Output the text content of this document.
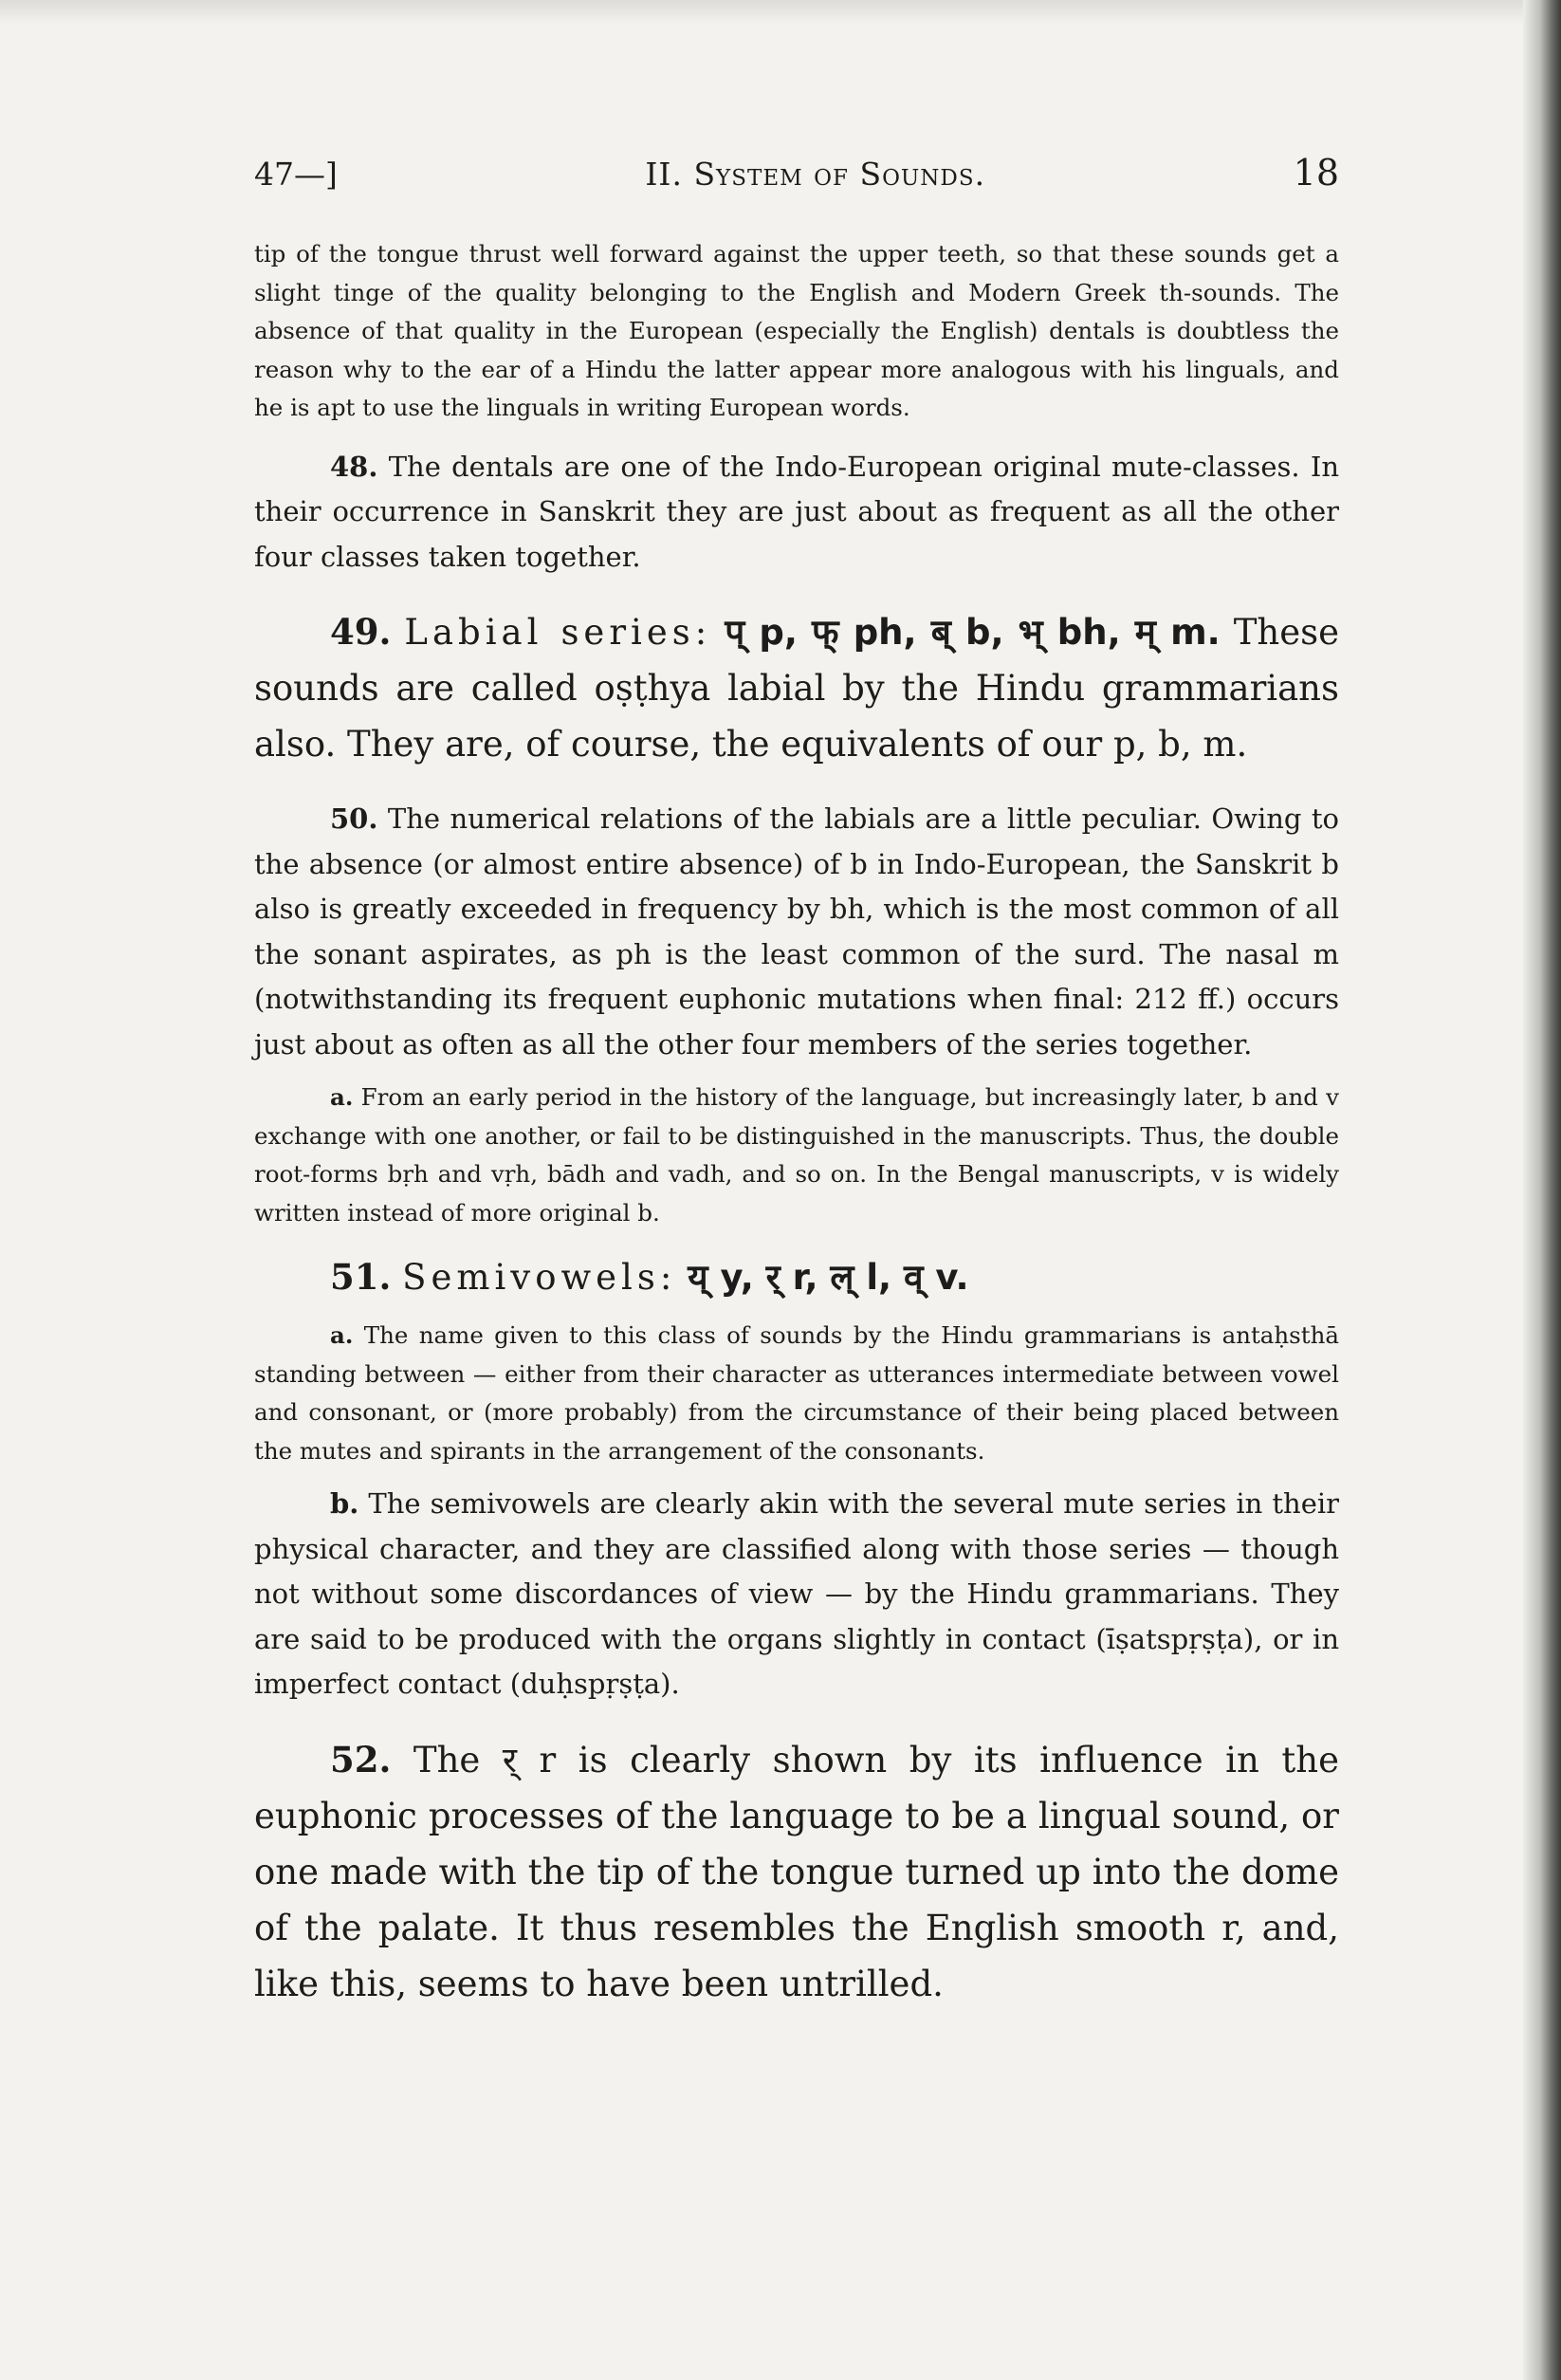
47—]	II. System of Sounds.	18

tip of the tongue thrust well forward against the upper teeth, so that these sounds get a slight tinge of the quality belonging to the English and Modern Greek th-sounds. The absence of that quality in the European (especially the English) dentals is doubtless the reason why to the ear of a Hindu the latter appear more analogous with his linguals, and he is apt to use the linguals in writing European words.

48. The dentals are one of the Indo-European original mute-classes. In their occurrence in Sanskrit they are just about as frequent as all the other four classes taken together.

49. Labial series: प् p, फ् ph, ब् b, भ् bh, म् m. These sounds are called oṣṭhya labial by the Hindu grammarians also. They are, of course, the equivalents of our p, b, m.

50. The numerical relations of the labials are a little peculiar. Owing to the absence (or almost entire absence) of b in Indo-European, the Sanskrit b also is greatly exceeded in frequency by bh, which is the most common of all the sonant aspirates, as ph is the least common of the surd. The nasal m (notwithstanding its frequent euphonic mutations when final: 212 ff.) occurs just about as often as all the other four members of the series together.

a. From an early period in the history of the language, but increasingly later, b and v exchange with one another, or fail to be distinguished in the manuscripts. Thus, the double root-forms bṛh and vṛh, bādh and vadh, and so on. In the Bengal manuscripts, v is widely written instead of more original b.

51. Semivowels: य् y, र् r, ल् l, व् v.

a. The name given to this class of sounds by the Hindu grammarians is antaḥsthā standing between — either from their character as utterances intermediate between vowel and consonant, or (more probably) from the circumstance of their being placed between the mutes and spirants in the arrangement of the consonants.

b. The semivowels are clearly akin with the several mute series in their physical character, and they are classified along with those series — though not without some discordances of view — by the Hindu grammarians. They are said to be produced with the organs slightly in contact (īṣatspṛṣṭa), or in imperfect contact (duḥspṛṣṭa).

52. The र् r is clearly shown by its influence in the euphonic processes of the language to be a lingual sound, or one made with the tip of the tongue turned up into the dome of the palate. It thus resembles the English smooth r, and, like this, seems to have been untrilled.
